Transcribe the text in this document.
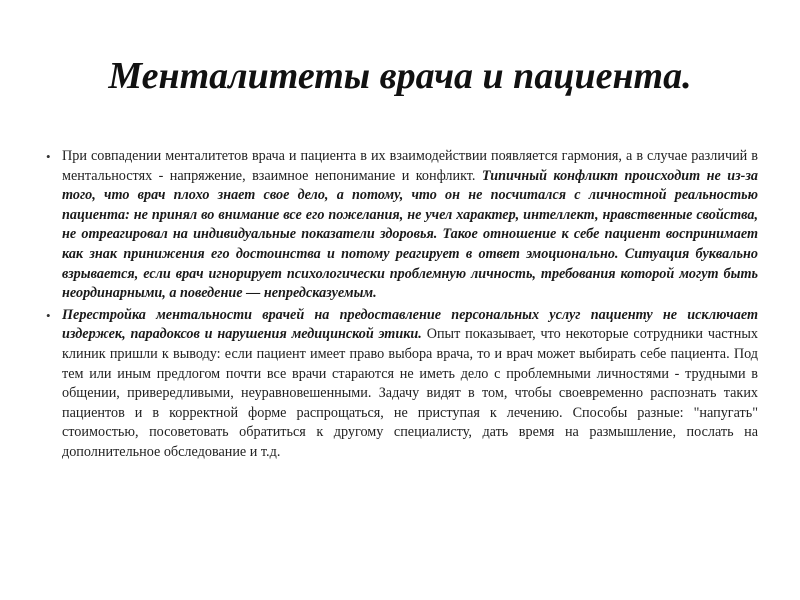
Менталитеты врача и пациента.
• При совпадении менталитетов врача и пациента в их взаимодействии появляется гармония, а в случае различий в ментальностях - напряжение, взаимное непонимание и конфликт. Типичный конфликт происходит не из-за того, что врач плохо знает свое дело, а потому, что он не посчитался с личностной реальностью пациента: не принял во внимание все его пожелания, не учел характер, интеллект, нравственные свойства, не отреагировал на индивидуальные показатели здоровья. Такое отношение к себе пациент воспринимает как знак принижения его достоинства и потому реагирует в ответ эмоционально. Ситуация буквально взрывается, если врач игнорирует психологически проблемную личность, требования которой могут быть неординарными, а поведение — непредсказуемым.
• Перестройка ментальности врачей на предоставление персональных услуг пациенту не исключает издержек, парадоксов и нарушения медицинской этики. Опыт показывает, что некоторые сотрудники частных клиник пришли к выводу: если пациент имеет право выбора врача, то и врач может выбирать себе пациента. Под тем или иным предлогом почти все врачи стараются не иметь дело с проблемными личностями - трудными в общении, привередливыми, неуравновешенными. Задачу видят в том, чтобы своевременно распознать таких пациентов и в корректной форме распрощаться, не приступая к лечению. Способы разные: "напугать" стоимостью, посоветовать обратиться к другому специалисту, дать время на размышление, послать на дополнительное обследование и т.д.
